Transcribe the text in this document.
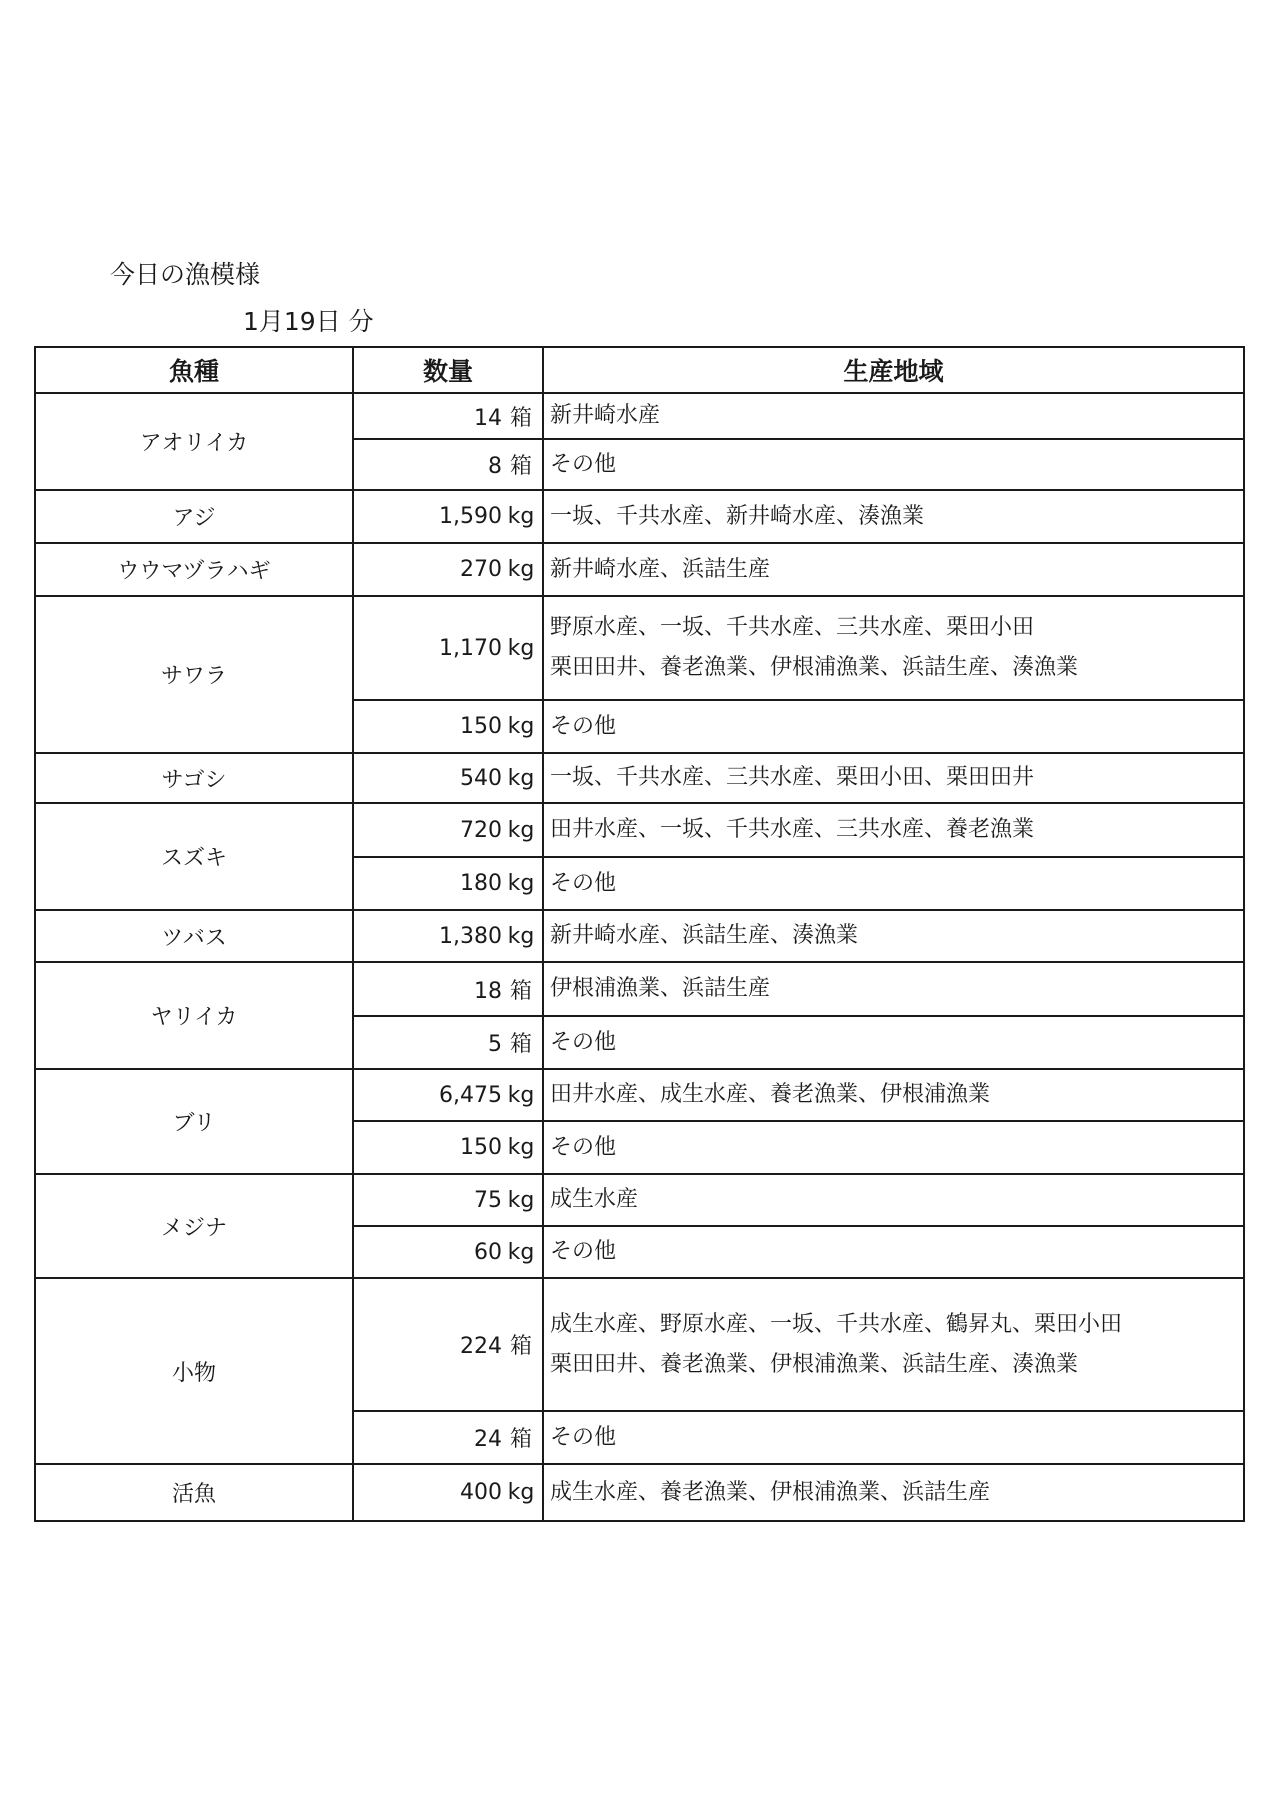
今日の漁模様
1月19日 分
魚種	数量	生産地域
アオリイカ	14 箱	新井崎水産

	8 箱	その他

アジ	1,590 kg	一坂、千共水産、新井崎水産、湊漁業

ウウマヅラハギ	270 kg	新井崎水産、浜詰生産

サワラ	1,170 kg	野原水産、一坂、千共水産、三共水産、栗田小田
栗田田井、養老漁業、伊根浦漁業、浜詰生産、湊漁業

	150 kg	その他

サゴシ	540 kg	一坂、千共水産、三共水産、栗田小田、栗田田井

スズキ	720 kg	田井水産、一坂、千共水産、三共水産、養老漁業

	180 kg	その他

ツバス	1,380 kg	新井崎水産、浜詰生産、湊漁業

ヤリイカ	18 箱	伊根浦漁業、浜詰生産

	5 箱	その他

ブリ	6,475 kg	田井水産、成生水産、養老漁業、伊根浦漁業

	150 kg	その他

メジナ	75 kg	成生水産

	60 kg	その他

小物	224 箱	成生水産、野原水産、一坂、千共水産、鶴昇丸、栗田小田
栗田田井、養老漁業、伊根浦漁業、浜詰生産、湊漁業

	24 箱	その他

活魚	400 kg	成生水産、養老漁業、伊根浦漁業、浜詰生産
